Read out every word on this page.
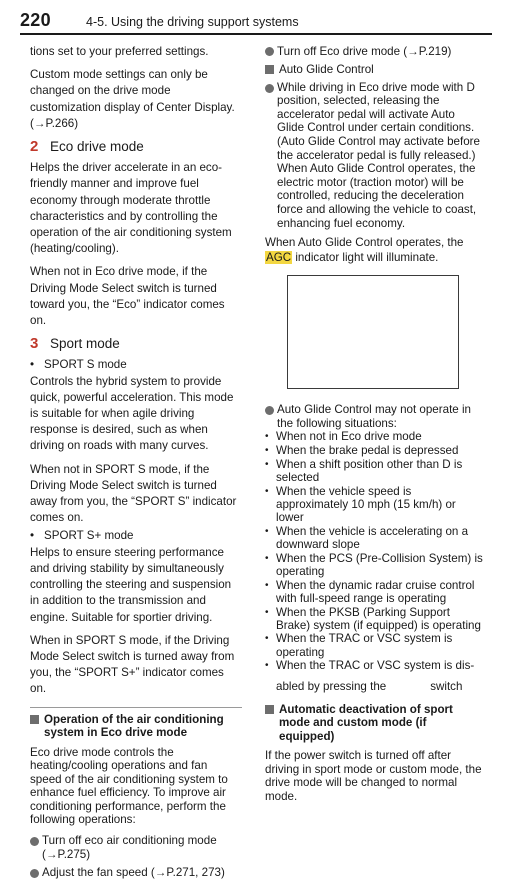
220	4-5. Using the driving support systems

tions set to your preferred settings.

Custom mode settings can only be changed on the drive mode customization display of Center Display. (→P.266)

2 Eco drive mode

Helps the driver accelerate in an eco-friendly manner and improve fuel economy through moderate throttle characteristics and by controlling the operation of the air conditioning system (heating/cooling).

When not in Eco drive mode, if the Driving Mode Select switch is turned toward you, the “Eco” indicator comes on.

3 Sport mode
• SPORT S mode

Controls the hybrid system to provide quick, powerful acceleration. This mode is suitable for when agile driving response is desired, such as when driving on roads with many curves.

When not in SPORT S mode, if the Driving Mode Select switch is turned away from you, the “SPORT S” indicator comes on.

• SPORT S+ mode

Helps to ensure steering performance and driving stability by simultaneously controlling the steering and suspension in addition to the transmission and engine. Suitable for sportier driving.

When in SPORT S mode, if the Driving Mode Select switch is turned away from you, the “SPORT S+” indicator comes on.

Operation of the air conditioning system in Eco drive mode

Eco drive mode controls the heating/cooling operations and fan speed of the air conditioning system to enhance fuel efficiency. To improve air conditioning performance, perform the following operations:

Turn off eco air conditioning mode (→P.275)
Adjust the fan speed (→P.271, 273)
Turn off Eco drive mode (→P.219)
Auto Glide Control
While driving in Eco drive mode with D position, selected, releasing the accelerator pedal will activate Auto Glide Control under certain conditions. (Auto Glide Control may activate before the accelerator pedal is fully released.) When Auto Glide Control operates, the electric motor (traction motor) will be controlled, reducing the deceleration force and allowing the vehicle to coast, enhancing fuel economy.

When Auto Glide Control operates, the AGC indicator light will illuminate.

Auto Glide Control may not operate in the following situations:
• When not in Eco drive mode
• When the brake pedal is depressed
• When a shift position other than D is selected
• When the vehicle speed is approximately 10 mph (15 km/h) or lower
• When the vehicle is accelerating on a downward slope
• When the PCS (Pre-Collision System) is operating
• When the dynamic radar cruise control with full-speed range is operating
• When the PKSB (Parking Support Brake) system (if equipped) is operating
• When the TRAC or VSC system is operating
• When the TRAC or VSC system is dis-

abled by pressing the	switch

Automatic deactivation of sport mode and custom mode (if equipped)

If the power switch is turned off after driving in sport mode or custom mode, the drive mode will be changed to normal mode.
